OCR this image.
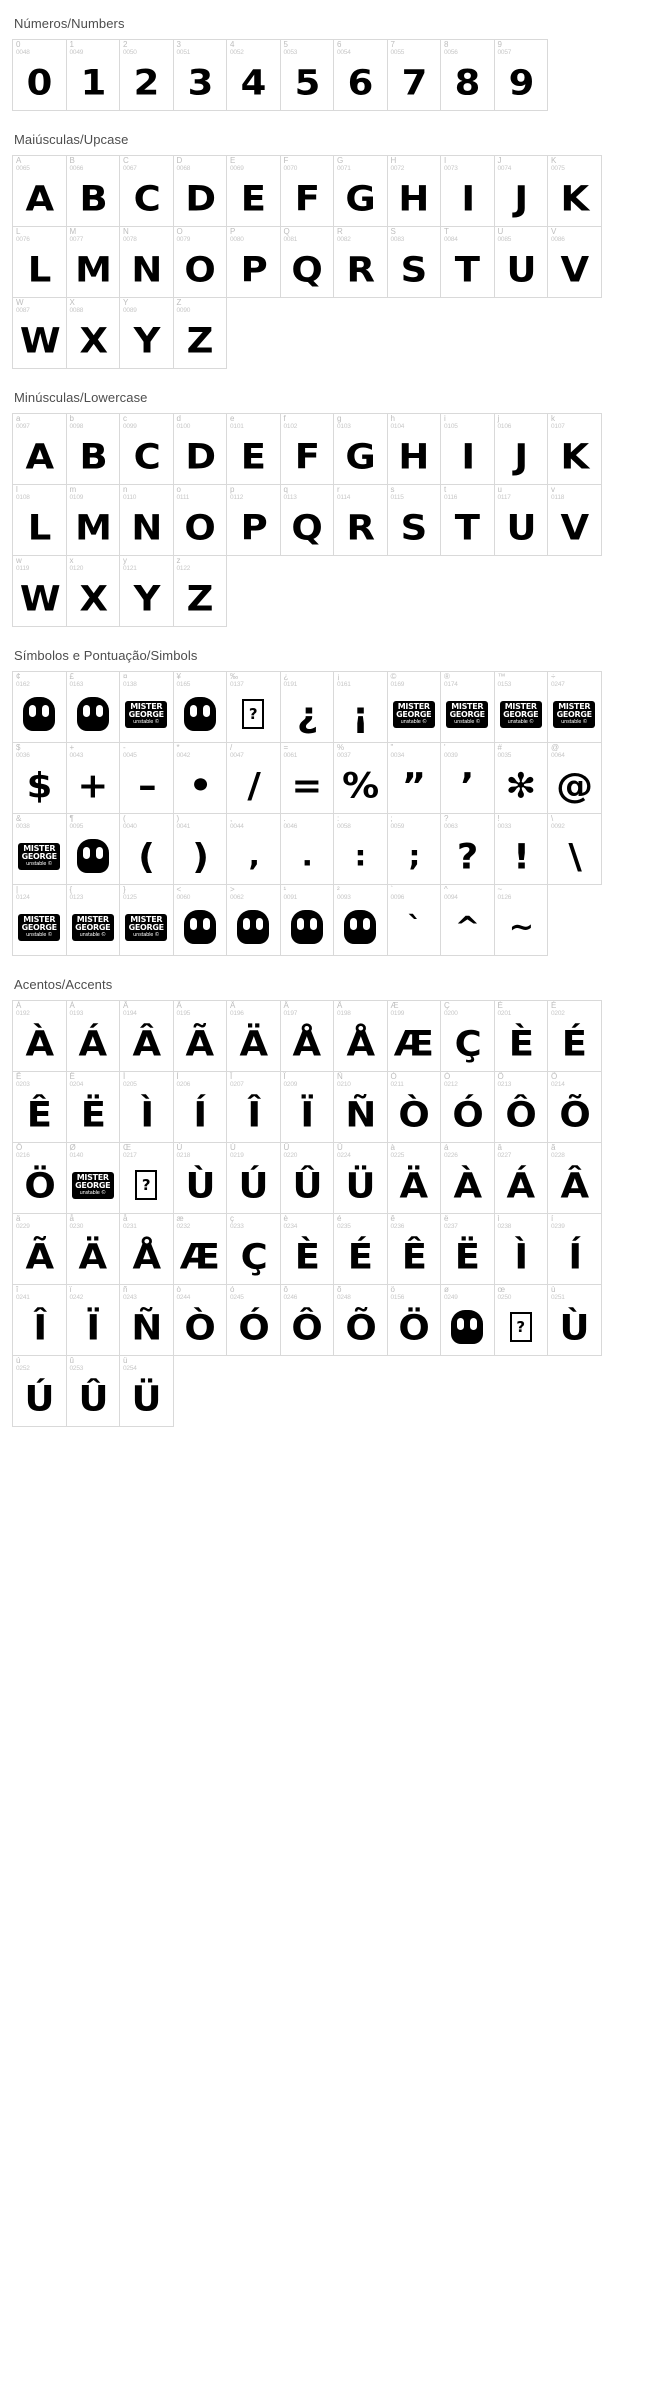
Números/Numbers
0
0048
0
1
0049
1
2
0050
2
3
0051
3
4
0052
4
5
0053
5
6
0054
6
7
0055
7
8
0056
8
9
0057
9
Maiúsculas/Upcase
A
0065
A
B
0066
B
C
0067
C
D
0068
D
E
0069
E
F
0070
F
G
0071
G
H
0072
H
I
0073
I
J
0074
J
K
0075
K
L
0076
L
M
0077
M
N
0078
N
O
0079
O
P
0080
P
Q
0081
Q
R
0082
R
S
0083
S
T
0084
T
U
0085
U
V
0086
V
W
0087
W
X
0088
X
Y
0089
Y
Z
0090
Z
Minúsculas/Lowercase
a
0097
A
b
0098
B
c
0099
C
d
0100
D
e
0101
E
f
0102
F
g
0103
G
h
0104
H
i
0105
I
j
0106
J
k
0107
K
l
0108
L
m
0109
M
n
0110
N
o
0111
O
p
0112
P
q
0113
Q
r
0114
R
s
0115
S
t
0116
T
u
0117
U
v
0118
V
w
0119
W
x
0120
X
y
0121
Y
z
0122
Z
Símbolos e Pontuação/Simbols
¢
0162
£
0163
¤
0138
MISTER
GEORGE
unstable ©
¥
0165
‰
0137
?
¿
0191
¿
¡
0161
¡
©
0169
MISTER
GEORGE
unstable ©
®
0174
MISTER
GEORGE
unstable ©
™
0153
MISTER
GEORGE
unstable ©
÷
0247
MISTER
GEORGE
unstable ©
$
0036
$
+
0043
+
-
0045
–
*
0042
•
/
0047
/
=
0061
=
%
0037
%
"
0034
”
'
0039
’
#
0035
✻
@
0064
@
&
0038
MISTER
GEORGE
unstable ©
¶
0095
(
0040
(
)
0041
)
,
0044
,
.
0046
.
:
0058
:
;
0059
;
?
0063
?
!
0033
!
\
0092
\
|
0124
MISTER
GEORGE
unstable ©
{
0123
MISTER
GEORGE
unstable ©
}
0125
MISTER
GEORGE
unstable ©
<
0060
>
0062
¹
0091
²
0093
`
0096
`
^
0094
^
~
0126
~
Acentos/Accents
À
0192
À
Á
0193
Á
Â
0194
Â
Ã
0195
Ã
Ä
0196
Ä
Ä
0197
Å
Å
0198
Å
Æ
0199
Æ
Ç
0200
Ç
È
0201
È
É
0202
É
Ê
0203
Ê
Ë
0204
Ë
Ì
0205
Ì
Í
0206
Í
Î
0207
Î
Ï
0209
Ï
Ñ
0210
Ñ
Ò
0211
Ò
Ó
0212
Ó
Ô
0213
Ô
Õ
0214
Õ
Ö
0216
Ö
Ø
0140
MISTER
GEORGE
unstable ©
Œ
0217
?
Ù
0218
Ù
Ú
0219
Ú
Û
0220
Û
Ü
0224
Ü
à
0225
Ä
á
0226
À
â
0227
Á
ã
0228
Â
ä
0229
Ã
å
0230
Ä
å
0231
Å
æ
0232
Æ
ç
0233
Ç
è
0234
È
é
0235
É
ê
0236
Ê
ë
0237
Ë
ì
0238
Ì
í
0239
Í
î
0241
Î
ï
0242
Ï
ñ
0243
Ñ
ò
0244
Ò
ó
0245
Ó
ô
0246
Ô
õ
0248
Õ
ö
0156
Ö
ø
0249
œ
0250
?
ù
0251
Ù
ú
0252
Ú
û
0253
Û
ü
0254
Ü
